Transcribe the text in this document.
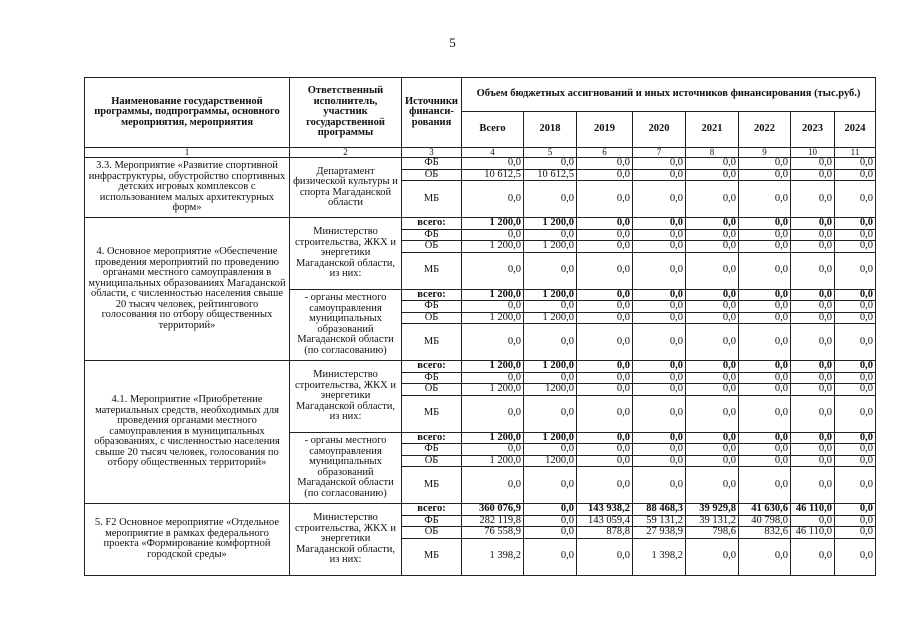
5
Наименование государственной программы, подпрограммы, основного мероприятия, мероприятия	Ответственный исполнитель, участник государственной программы	Источники финанси-рования	Объем бюджетных ассигнований и иных источников финансирования (тыс.руб.)							
			Всего	2018	2019	2020	2021	2022	2023	2024
1	2	3	4	5	6	7	8	9	10	11
3.3. Мероприятие «Развитие спортивной инфраструктуры, обустройство спортивных детских игровых комплексов с использованием малых архитектурных форм»	Департамент физической культуры и спорта Магаданской области	ФБ	0,0	0,0	0,0	0,0	0,0	0,0	0,0	0,0
		ОБ	10 612,5	10 612,5	0,0	0,0	0,0	0,0	0,0	0,0
		МБ	0,0	0,0	0,0	0,0	0,0	0,0	0,0	0,0
4. Основное мероприятие «Обеспечение проведения мероприятий по проведению органами местного самоуправления в муниципальных образованиях Магаданской области, с численностью населения свыше 20 тысяч человек, рейтингового голосования по отбору общественных территорий»	Министерство строительства, ЖКХ и энергетики Магаданской области, из них:	всего:	1 200,0	1 200,0	0,0	0,0	0,0	0,0	0,0	0,0
		ФБ	0,0	0,0	0,0	0,0	0,0	0,0	0,0	0,0
		ОБ	1 200,0	1 200,0	0,0	0,0	0,0	0,0	0,0	0,0
		МБ	0,0	0,0	0,0	0,0	0,0	0,0	0,0	0,0
	- органы местного самоуправления муниципальных образований Магаданской области (по согласованию)	всего:	1 200,0	1 200,0	0,0	0,0	0,0	0,0	0,0	0,0
		ФБ	0,0	0,0	0,0	0,0	0,0	0,0	0,0	0,0
		ОБ	1 200,0	1 200,0	0,0	0,0	0,0	0,0	0,0	0,0
		МБ	0,0	0,0	0,0	0,0	0,0	0,0	0,0	0,0
4.1. Мероприятие «Приобретение материальных средств, необходимых для проведения органами местного самоуправления в муниципальных образованиях, с численностью населения свыше 20 тысяч человек, голосования по отбору общественных территорий»	Министерство строительства, ЖКХ и энергетики Магаданской области, из них:	всего:	1 200,0	1 200,0	0,0	0,0	0,0	0,0	0,0	0,0
		ФБ	0,0	0,0	0,0	0,0	0,0	0,0	0,0	0,0
		ОБ	1 200,0	1200,0	0,0	0,0	0,0	0,0	0,0	0,0
		МБ	0,0	0,0	0,0	0,0	0,0	0,0	0,0	0,0
	- органы местного самоуправления муниципальных образований Магаданской области (по согласованию)	всего:	1 200,0	1 200,0	0,0	0,0	0,0	0,0	0,0	0,0
		ФБ	0,0	0,0	0,0	0,0	0,0	0,0	0,0	0,0
		ОБ	1 200,0	1200,0	0,0	0,0	0,0	0,0	0,0	0,0
		МБ	0,0	0,0	0,0	0,0	0,0	0,0	0,0	0,0
5. F2 Основное мероприятие «Отдельное мероприятие в рамках федерального проекта «Формирование комфортной городской среды»	Министерство строительства, ЖКХ и энергетики Магаданской области, из них:	всего:	360 076,9	0,0	143 938,2	88 468,3	39 929,8	41 630,6	46 110,0	0,0
		ФБ	282 119,8	0,0	143 059,4	59 131,2	39 131,2	40 798,0	0,0	0,0
		ОБ	76 558,9	0,0	878,8	27 938,9	798,6	832,6	46 110,0	0,0
		МБ	1 398,2	0,0	0,0	1 398,2	0,0	0,0	0,0	0,0
